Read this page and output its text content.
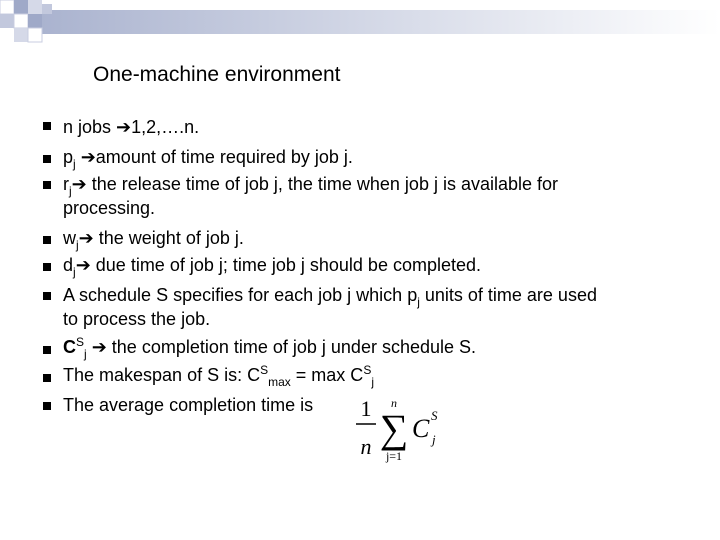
One-machine environment
n jobs ➔1,2,….n.
$p_j$ ➔amount of time required by job j.
$r_j➔$ the release time of job j, the time when job j is available for
processing.
$w_j➔$ the weight of job j.
$d_j➔$ due time of job j; time job j should be completed.
A schedule S specifies for each job j which $p_j$ units of time are used
to process the job.
$C^S_j$ ➔ the completion time of job j under schedule S.
The makespan of S is: $C^S_{max} = \max C^S_j$
The average completion time is 1
n
n
∑
j=1
C S
j
